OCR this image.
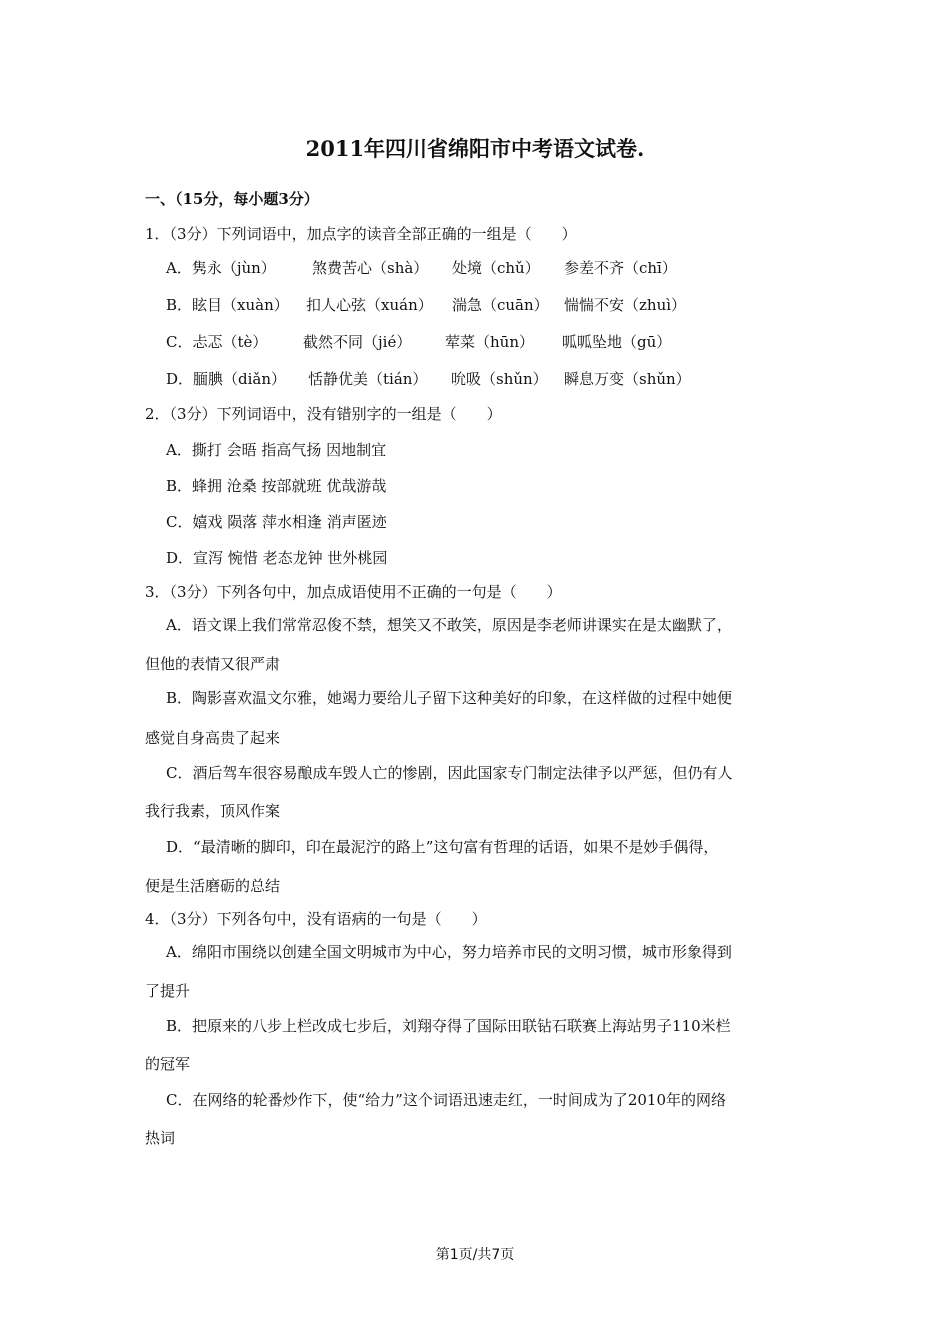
2011年四川省绵阳市中考语文试卷.
一、（15分，每小题3分）
1．（3分）下列词语中，加点字的读音全部正确的一组是（　　）
A．隽永（jùn） 煞费苦心（shà） 处境（chǔ） 参差不齐（chī）
B．眩目（xuàn） 扣人心弦（xuán） 湍急（cuān） 惴惴不安（zhuì）
C．忐忑（tè） 截然不同（jié） 荤菜（hūn） 呱呱坠地（gū）
D．腼腆（diǎn） 恬静优美（tián） 吮吸（shǔn） 瞬息万变（shǔn）
2．（3分）下列词语中，没有错别字的一组是（　　）
A．撕打 会晤 指高气扬 因地制宜
B．蜂拥 沧桑 按部就班 优哉游哉
C．嬉戏 陨落 萍水相逢 消声匿迹
D．宣泻 惋惜 老态龙钟 世外桃园
3．（3分）下列各句中，加点成语使用不正确的一句是（　　）
A．语文课上我们常常忍俊不禁，想笑又不敢笑，原因是李老师讲课实在是太幽默了，
但他的表情又很严肃
B．陶影喜欢温文尔雅，她竭力要给儿子留下这种美好的印象，在这样做的过程中她便
感觉自身高贵了起来
C．酒后驾车很容易酿成车毁人亡的惨剧，因此国家专门制定法律予以严惩，但仍有人
我行我素，顶风作案
D．“最清晰的脚印，印在最泥泞的路上”这句富有哲理的话语，如果不是妙手偶得，
便是生活磨砺的总结
4．（3分）下列各句中，没有语病的一句是（　　）
A．绵阳市围绕以创建全国文明城市为中心，努力培养市民的文明习惯，城市形象得到
了提升
B．把原来的八步上栏改成七步后，刘翔夺得了国际田联钻石联赛上海站男子110米栏
的冠军
C．在网络的轮番炒作下，使“给力”这个词语迅速走红，一时间成为了2010年的网络
热词
第1页/共7页
